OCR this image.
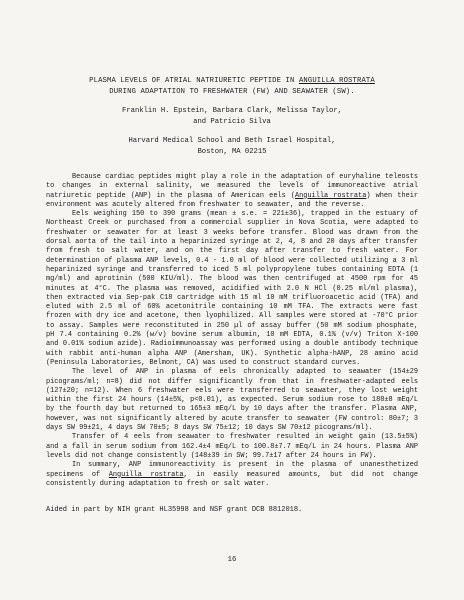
PLASMA LEVELS OF ATRIAL NATRIURETIC PEPTIDE IN ANGUILLA ROSTRATA
DURING ADAPTATION TO FRESHWATER (FW) AND SEAWATER (SW).
Franklin H. Epstein, Barbara Clark, Melissa Taylor,
and Patricio Silva
Harvard Medical School and Beth Israel Hospital,
Boston, MA 02215

Because cardiac peptides might play a role in the adaptation of euryhaline teleosts to changes in external salinity, we measured the levels of immunoreactive atrial natriuretic peptide (ANP) in the plasma of American eels (Anguilla rostrata) when their environment was acutely altered from freshwater to seawater, and the reverse.

Eels weighing 150 to 390 grams (mean ± s.e. = 221±36), trapped in the estuary of Northeast Creek or purchased from a commercial supplier in Nova Scotia, were adapted to freshwater or seawater for at least 3 weeks before transfer. Blood was drawn from the dorsal aorta of the tail into a heparinized syringe at 2, 4, 8 and 20 days after transfer from fresh to salt water, and on the first day after transfer to fresh water. For determination of plasma ANP levels, 0.4 - 1.0 ml of blood were collected utilizing a 3 ml heparinized syringe and transferred to iced 5 ml polypropylene tubes containing EDTA (1 mg/ml) and aprotinin (500 KIU/ml). The blood was then centrifuged at 4500 rpm for 45 minutes at 4°C. The plasma was removed, acidified with 2.0 N HCl (0.25 ml/ml plasma), then extracted via Sep-pak C18 cartridge with 15 ml 10 mM trifluoroacetic acid (TFA) and eluted with 2.5 ml of 60% acetonitrile containing 10 mM TFA. The extracts were fast frozen with dry ice and acetone, then lyophilized. All samples were stored at -70°C prior to assay. Samples were reconstituted in 250 µl of assay buffer (50 mM sodium phosphate, pH 7.4 containing 0.2% (w/v) bovine serum albumin, 10 mM EDTA, 0.1% (v/v) Triton X-100 and 0.01% sodium azide). Radioimmunoassay was performed using a double antibody technique with rabbit anti-human alpha ANP (Amersham, UK). Synthetic alpha-hANP, 28 amino acid (Peninsula Laboratories, Belmont, CA) was used to construct standard curves.

The level of ANP in plasma of eels chronically adapted to seawater (154±29 picograms/ml; n=8) did not differ significantly from that in freshwater-adapted eels (127±20; n=12). When 6 freshwater eels were transferred to seawater, they lost weight within the first 24 hours (14±5%, p<0.01), as expected. Serum sodium rose to 188±8 mEq/L by the fourth day but returned to 165±3 mEq/L by 10 days after the transfer. Plasma ANP, however, was not significantly altered by acute transfer to seawater (FW control: 80±7; 3 days SW 99±21, 4 days SW 70±5; 8 days SW 75±12; 10 days SW 70±12 picograms/ml).

Transfer of 4 eels from seawater to freshwater resulted in weight gain (13.5±5%) and a fall in serum sodium from 162.4±4 mEq/L to 100.8±7.7 mEq/L in 24 hours. Plasma ANP levels did not change consistently (148±39 in SW; 99.7±17 after 24 hours in FW).

In summary, ANP immunoreactivity is present in the plasma of unanesthetized specimens of Anguilla rostrata, in easily measured amounts, but did not change consistently during adaptation to fresh or salt water.

Aided in part by NIH grant HL35998 and NSF grant DCB 8812018.
16
